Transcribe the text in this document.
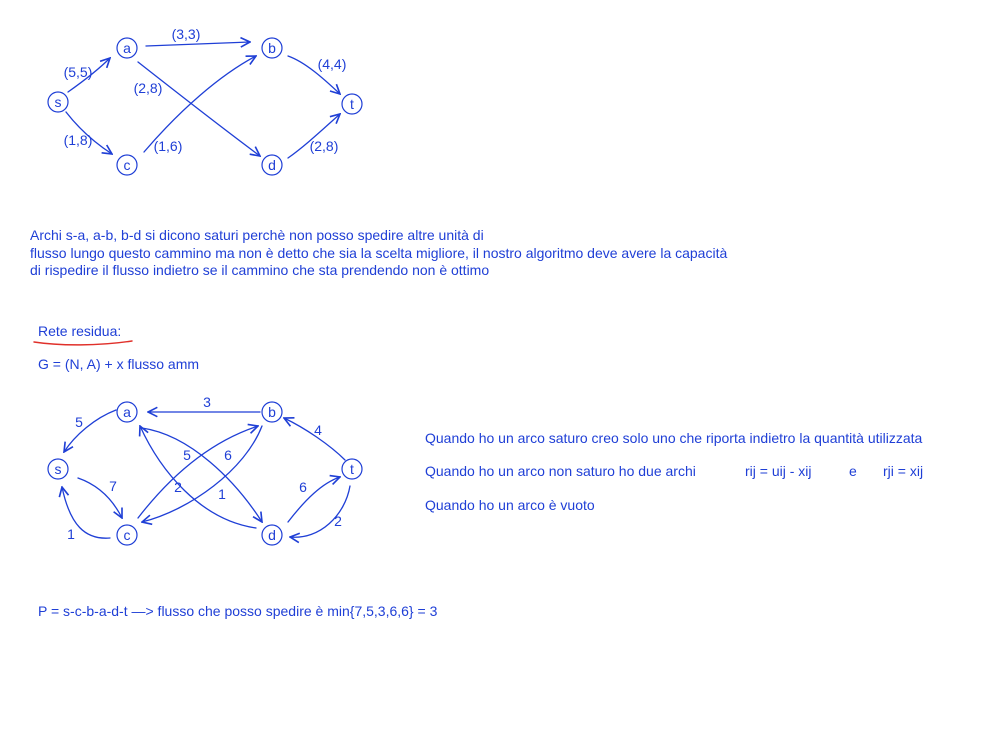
(5,5)
(3,3)
(2,8)
(1,8)	(1,6)
(4,4)
(2,8)
s
a	b
c	d
t
5
3
4
7
1
5 6
2	1	6
2
s
a	b
c	d
t
Archi s-a, a-b, b-d si dicono saturi perchè non posso spedire altre unità di
flusso lungo questo cammino ma non è detto che sia la scelta migliore, il nostro algoritmo deve avere la capacità
di rispedire il flusso indietro se il cammino che sta prendendo non è ottimo
Rete residua:
G = (N, A) + x flusso amm
Quando ho un arco saturo creo solo uno che riporta indietro la quantità utilizzata
Quando ho un arco non saturo ho due archi	rij = uij - xij	e rji = xij
Quando ho un arco è vuoto
P = s-c-b-a-d-t —> flusso che posso spedire è min{7,5,3,6,6} = 3
